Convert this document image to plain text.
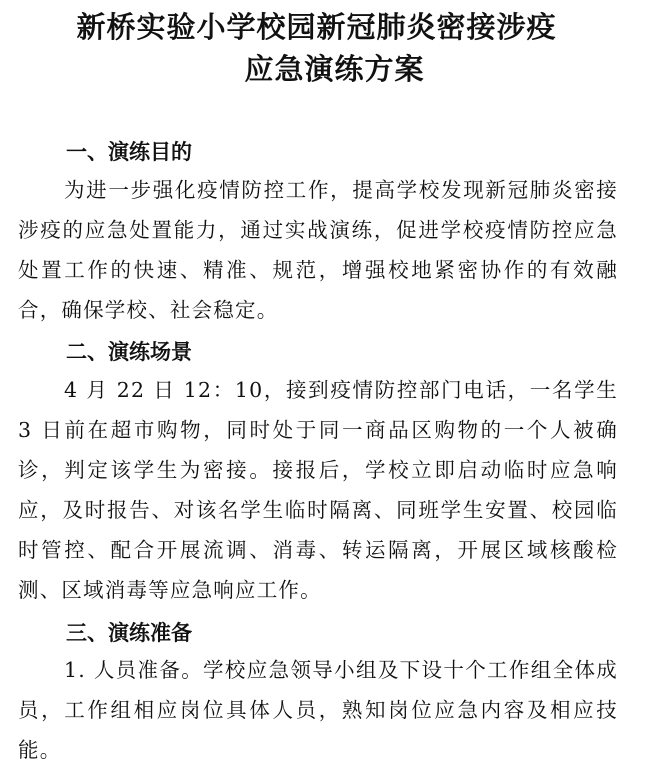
新桥实验小学校园新冠肺炎密接涉疫
应急演练方案
一、演练目的

为进一步强化疫情防控工作，提高学校发现新冠肺炎密接涉疫的应急处置能力，通过实战演练，促进学校疫情防控应急处置工作的快速、精准、规范，增强校地紧密协作的有效融合，确保学校、社会稳定。

二、演练场景

4 月 22 日 12：10，接到疫情防控部门电话，一名学生 3 日前在超市购物，同时处于同一商品区购物的一个人被确诊，判定该学生为密接。接报后，学校立即启动临时应急响应，及时报告、对该名学生临时隔离、同班学生安置、校园临时管控、配合开展流调、消毒、转运隔离，开展区域核酸检测、区域消毒等应急响应工作。

三、演练准备

1. 人员准备。学校应急领导小组及下设十个工作组全体成员，工作组相应岗位具体人员，熟知岗位应急内容及相应技能。
